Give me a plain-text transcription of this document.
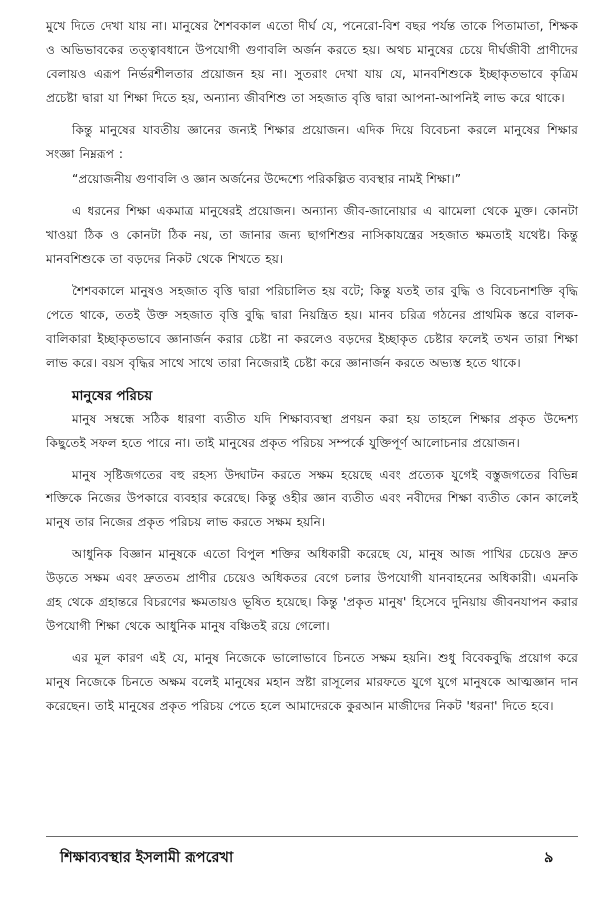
মুখে দিতে দেখা যায় না। মানুষের শৈশবকাল এতো দীর্ঘ যে, পনেরো-বিশ বছর পর্যন্ত তাকে পিতামাতা, শিক্ষক ও অভিভাবকের তত্ত্বাবধানে উপযোগী গুণাবলি অর্জন করতে হয়। অথচ মানুষের চেয়ে দীর্ঘজীবী প্রাণীদের বেলায়ও এরূপ নির্ভরশীলতার প্রয়োজন হয় না। সুতরাং দেখা যায় যে, মানবশিশুকে ইচ্ছাকৃতভাবে কৃত্রিম প্রচেষ্টা দ্বারা যা শিক্ষা দিতে হয়, অন্যান্য জীবশিশু তা সহজাত বৃত্তি দ্বারা আপনা-আপনিই লাভ করে থাকে।

কিন্তু মানুষের যাবতীয় জ্ঞানের জন্যই শিক্ষার প্রয়োজন। এদিক দিয়ে বিবেচনা করলে মানুষের শিক্ষার সংজ্ঞা নিম্নরূপ :

“প্রয়োজনীয় গুণাবলি ও জ্ঞান অর্জনের উদ্দেশ্যে পরিকল্পিত ব্যবস্থার নামই শিক্ষা।”

এ ধরনের শিক্ষা একমাত্র মানুষেরই প্রয়োজন। অন্যান্য জীব-জানোয়ার এ ঝামেলা থেকে মুক্ত। কোনটা খাওয়া ঠিক ও কোনটা ঠিক নয়, তা জানার জন্য ছাগশিশুর নাসিকাযন্ত্রের সহজাত ক্ষমতাই যথেষ্ট। কিন্তু মানবশিশুকে তা বড়দের নিকট থেকে শিখতে হয়।

শৈশবকালে মানুষও সহজাত বৃত্তি দ্বারা পরিচালিত হয় বটে; কিন্তু যতই তার বুদ্ধি ও বিবেচনাশক্তি বৃদ্ধি পেতে থাকে, ততই উক্ত সহজাত বৃত্তি বুদ্ধি দ্বারা নিয়ন্ত্রিত হয়। মানব চরিত্র গঠনের প্রাথমিক স্তরে বালক-বালিকারা ইচ্ছাকৃতভাবে জ্ঞানার্জন করার চেষ্টা না করলেও বড়দের ইচ্ছাকৃত চেষ্টার ফলেই তখন তারা শিক্ষা লাভ করে। বয়স বৃদ্ধির সাথে সাথে তারা নিজেরাই চেষ্টা করে জ্ঞানার্জন করতে অভ্যস্ত হতে থাকে।

মানুষের পরিচয়

মানুষ সম্বন্ধে সঠিক ধারণা ব্যতীত যদি শিক্ষাব্যবস্থা প্রণয়ন করা হয় তাহলে শিক্ষার প্রকৃত উদ্দেশ্য কিছুতেই সফল হতে পারে না। তাই মানুষের প্রকৃত পরিচয় সম্পর্কে যুক্তিপূর্ণ আলোচনার প্রয়োজন।

মানুষ সৃষ্টিজগতের বহু রহস্য উদ্ঘাটন করতে সক্ষম হয়েছে এবং প্রত্যেক যুগেই বস্তুজগতের বিভিন্ন শক্তিকে নিজের উপকারে ব্যবহার করেছে। কিন্তু ওহীর জ্ঞান ব্যতীত এবং নবীদের শিক্ষা ব্যতীত কোন কালেই মানুষ তার নিজের প্রকৃত পরিচয় লাভ করতে সক্ষম হয়নি।

আধুনিক বিজ্ঞান মানুষকে এতো বিপুল শক্তির অধিকারী করেছে যে, মানুষ আজ পাখির চেয়েও দ্রুত উড়তে সক্ষম এবং দ্রুততম প্রাণীর চেয়েও অধিকতর বেগে চলার উপযোগী যানবাহনের অধিকারী। এমনকি গ্রহ থেকে গ্রহান্তরে বিচরণের ক্ষমতায়ও ভূষিত হয়েছে। কিন্তু 'প্রকৃত মানুষ' হিসেবে দুনিয়ায় জীবনযাপন করার উপযোগী শিক্ষা থেকে আধুনিক মানুষ বঞ্চিতই রয়ে গেলো।

এর মূল কারণ এই যে, মানুষ নিজেকে ভালোভাবে চিনতে সক্ষম হয়নি। শুধু বিবেকবুদ্ধি প্রয়োগ করে মানুষ নিজেকে চিনতে অক্ষম বলেই মানুষের মহান স্রষ্টা রাসূলের মারফতে যুগে যুগে মানুষকে আত্মজ্ঞান দান করেছেন। তাই মানুষের প্রকৃত পরিচয় পেতে হলে আমাদেরকে কুরআন মাজীদের নিকট 'ধরনা' দিতে হবে।

শিক্ষাব্যবস্থার ইসলামী রূপরেখা	৯
